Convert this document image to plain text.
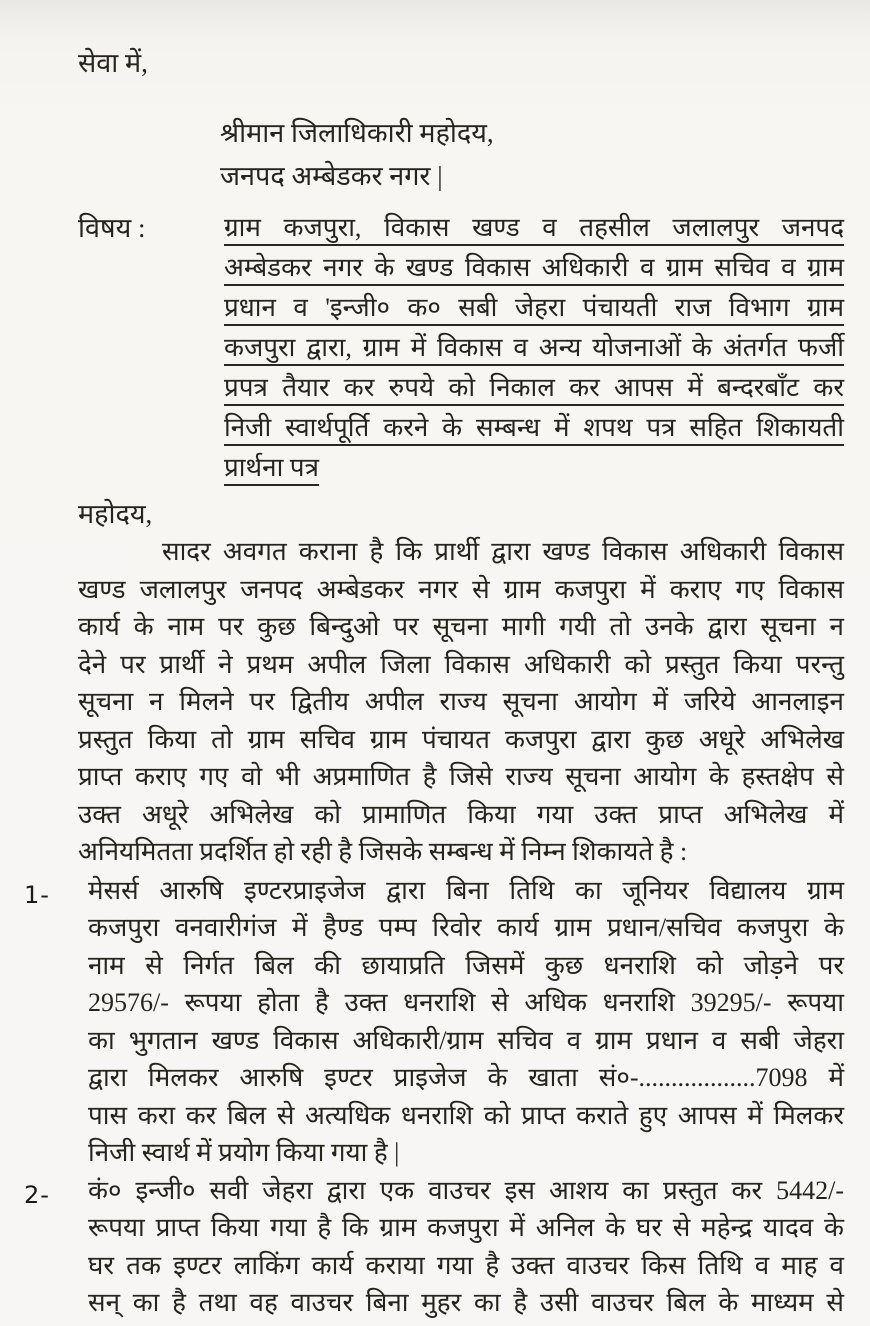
सेवा में,
श्रीमान जिलाधिकारी महोदय,
जनपद अम्बेडकर नगर |
विषय :	ग्राम कजपुरा, विकास खण्ड व तहसील जलालपुर जनपद
अम्बेडकर नगर के खण्ड विकास अधिकारी व ग्राम सचिव व ग्राम
प्रधान व 'इन्जी० क० सबी जेहरा पंचायती राज विभाग ग्राम
कजपुरा द्वारा, ग्राम में विकास व अन्य योजनाओं के अंतर्गत फर्जी
प्रपत्र तैयार कर रुपये को निकाल कर आपस में बन्दरबाँट कर
निजी स्वार्थपूर्ति करने के सम्बन्ध में शपथ पत्र सहित शिकायती
प्रार्थना पत्र
महोदय,
सादर अवगत कराना है कि प्रार्थी द्वारा खण्ड विकास अधिकारी विकास
खण्ड जलालपुर जनपद अम्बेडकर नगर से ग्राम कजपुरा में कराए गए विकास
कार्य के नाम पर कुछ बिन्दुओ पर सूचना मागी गयी तो उनके द्वारा सूचना न
देने पर प्रार्थी ने प्रथम अपील जिला विकास अधिकारी को प्रस्तुत किया परन्तु
सूचना न मिलने पर द्वितीय अपील राज्य सूचना आयोग में जरिये आनलाइन
प्रस्तुत किया तो ग्राम सचिव ग्राम पंचायत कजपुरा द्वारा कुछ अधूरे अभिलेख
प्राप्त कराए गए वो भी अप्रमाणित है जिसे राज्य सूचना आयोग के हस्तक्षेप से
उक्त अधूरे अभिलेख को प्रामाणित किया गया उक्त प्राप्त अभिलेख में
अनियमितता प्रदर्शित हो रही है जिसके सम्बन्ध में निम्न शिकायते है :
1- मेसर्स आरुषि इण्टरप्राइजेज द्वारा बिना तिथि का जूनियर विद्यालय ग्राम
कजपुरा वनवारीगंज में हैण्ड पम्प रिवोर कार्य ग्राम प्रधान/सचिव कजपुरा के
नाम से निर्गत बिल की छायाप्रति जिसमें कुछ धनराशि को जोड़ने पर
29576/- रूपया होता है उक्त धनराशि से अधिक धनराशि 39295/- रूपया
का भुगतान खण्ड विकास अधिकारी/ग्राम सचिव व ग्राम प्रधान व सबी जेहरा
द्वारा मिलकर आरुषि इण्टर प्राइजेज के खाता सं०-..................7098 में
पास करा कर बिल से अत्यधिक धनराशि को प्राप्त कराते हुए आपस में मिलकर
निजी स्वार्थ में प्रयोग किया गया है |
2- कं० इन्जी० सवी जेहरा द्वारा एक वाउचर इस आशय का प्रस्तुत कर 5442/-
रूपया प्राप्त किया गया है कि ग्राम कजपुरा में अनिल के घर से महेन्द्र यादव के
घर तक इण्टर लाकिंग कार्य कराया गया है उक्त वाउचर किस तिथि व माह व
सन् का है तथा वह वाउचर बिना मुहर का है उसी वाउचर बिल के माध्यम से
